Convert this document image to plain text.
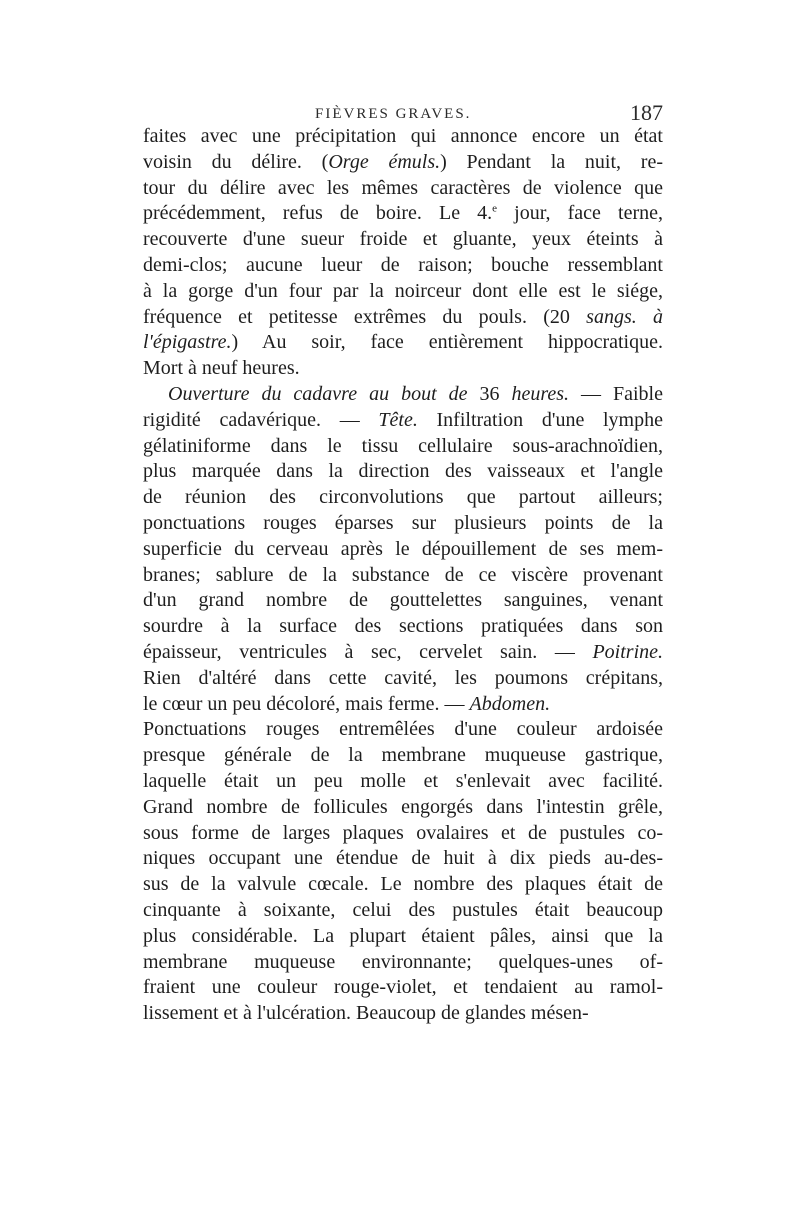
FIÈVRES GRAVES.	187
faites avec une précipitation qui annonce encore un état
voisin du délire. (Orge émuls.) Pendant la nuit, re-
tour du délire avec les mêmes caractères de violence que
précédemment, refus de boire. Le 4.$^e$ jour, face terne,
recouverte d'une sueur froide et gluante, yeux éteints à
demi-clos; aucune lueur de raison; bouche ressemblant
à la gorge d'un four par la noirceur dont elle est le siége,
fréquence et petitesse extrêmes du pouls. (20 sangs. à
l'épigastre.) Au soir, face entièrement hippocratique.
Mort à neuf heures.
Ouverture du cadavre au bout de 36 heures. — Faible
rigidité cadavérique. — Tête. Infiltration d'une lymphe
gélatiniforme dans le tissu cellulaire sous-arachnoïdien,
plus marquée dans la direction des vaisseaux et l'angle
de réunion des circonvolutions que partout ailleurs;
ponctuations rouges éparses sur plusieurs points de la
superficie du cerveau après le dépouillement de ses mem-
branes; sablure de la substance de ce viscère provenant
d'un grand nombre de gouttelettes sanguines, venant
sourdre à la surface des sections pratiquées dans son
épaisseur, ventricules à sec, cervelet sain. — Poitrine.
Rien d'altéré dans cette cavité, les poumons crépitans,
le cœur un peu décoloré, mais ferme. — Abdomen.
Ponctuations rouges entremêlées d'une couleur ardoisée
presque générale de la membrane muqueuse gastrique,
laquelle était un peu molle et s'enlevait avec facilité.
Grand nombre de follicules engorgés dans l'intestin grêle,
sous forme de larges plaques ovalaires et de pustules co-
niques occupant une étendue de huit à dix pieds au-des-
sus de la valvule cœcale. Le nombre des plaques était de
cinquante à soixante, celui des pustules était beaucoup
plus considérable. La plupart étaient pâles, ainsi que la
membrane muqueuse environnante; quelques-unes of-
fraient une couleur rouge-violet, et tendaient au ramol-
lissement et à l'ulcération. Beaucoup de glandes mésen-
